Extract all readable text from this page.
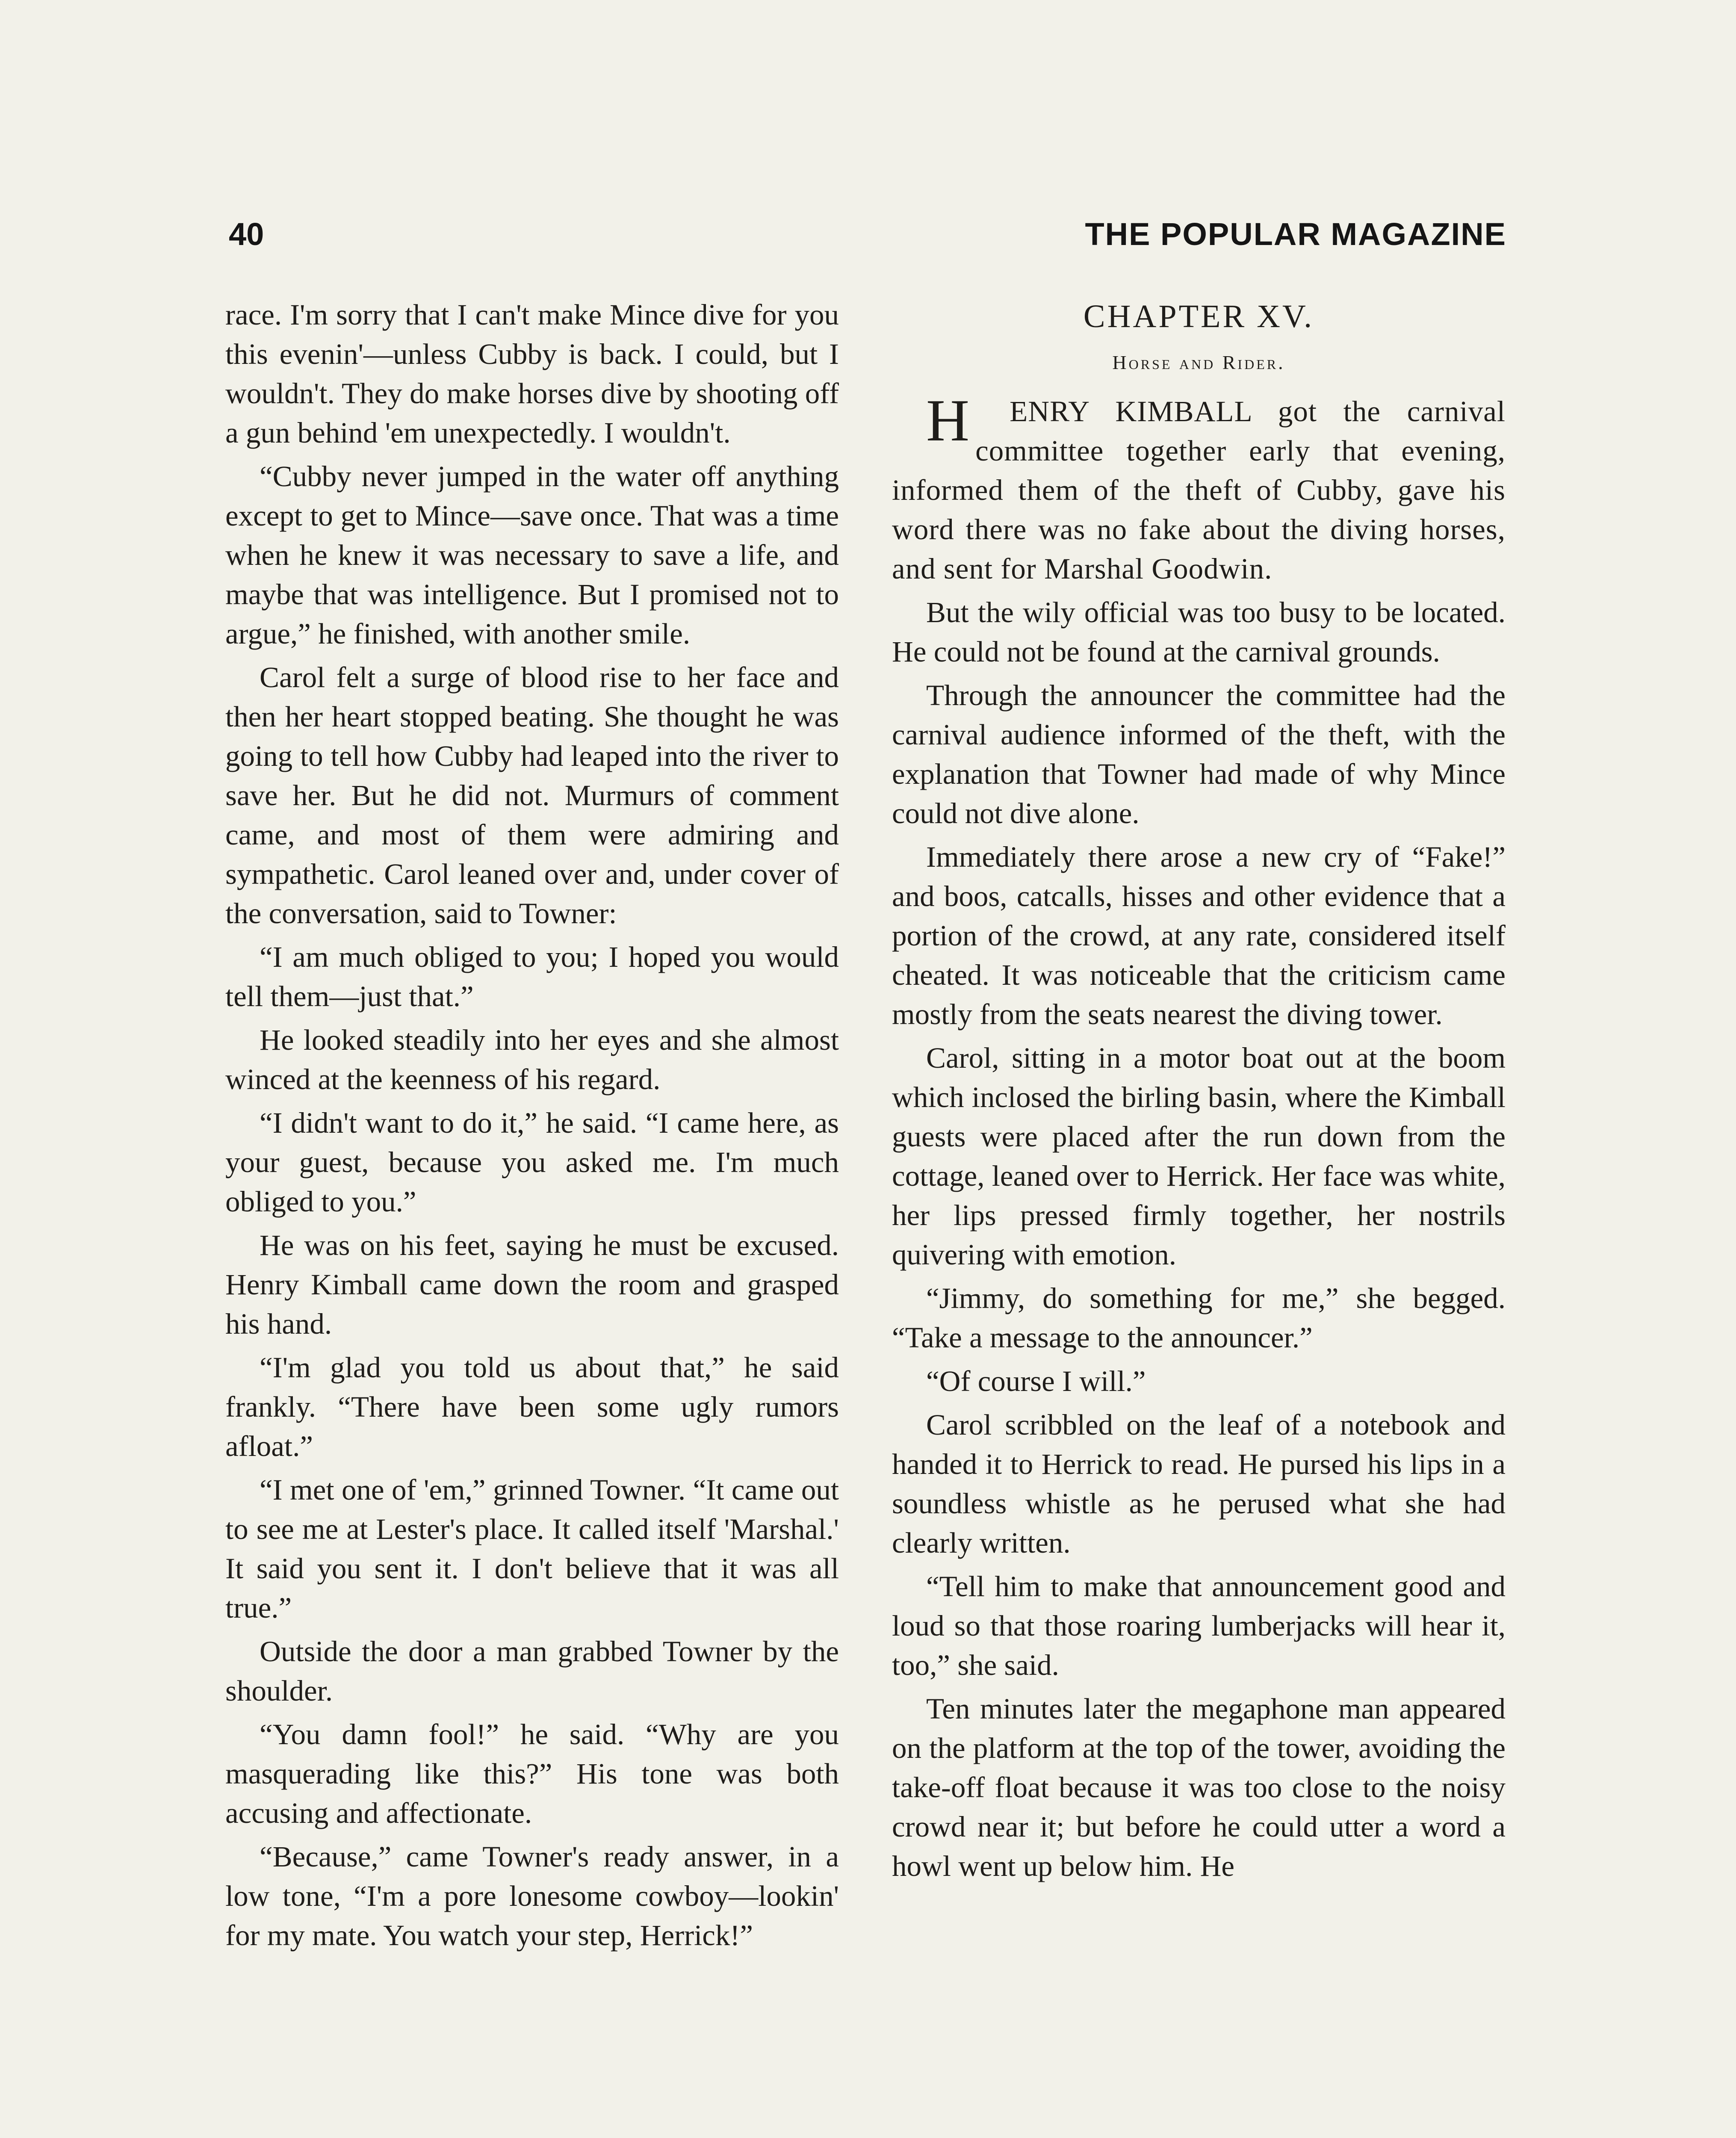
40	THE POPULAR MAGAZINE

race. I'm sorry that I can't make Mince dive for you this evenin'—unless Cubby is back. I could, but I wouldn't. They do make horses dive by shooting off a gun behind 'em unexpectedly. I wouldn't.

“Cubby never jumped in the water off anything except to get to Mince—save once. That was a time when he knew it was necessary to save a life, and maybe that was intelligence. But I promised not to argue,” he finished, with another smile.

Carol felt a surge of blood rise to her face and then her heart stopped beating. She thought he was going to tell how Cubby had leaped into the river to save her. But he did not. Murmurs of comment came, and most of them were admiring and sympathetic. Carol leaned over and, under cover of the conversation, said to Towner:

“I am much obliged to you; I hoped you would tell them—just that.”

He looked steadily into her eyes and she almost winced at the keenness of his regard.

“I didn't want to do it,” he said. “I came here, as your guest, because you asked me. I'm much obliged to you.”

He was on his feet, saying he must be excused. Henry Kimball came down the room and grasped his hand.

“I'm glad you told us about that,” he said frankly. “There have been some ugly rumors afloat.”

“I met one of 'em,” grinned Towner. “It came out to see me at Lester's place. It called itself 'Marshal.' It said you sent it. I don't believe that it was all true.”

Outside the door a man grabbed Towner by the shoulder.

“You damn fool!” he said. “Why are you masquerading like this?” His tone was both accusing and affectionate.

“Because,” came Towner's ready answer, in a low tone, “I'm a pore lonesome cowboy—lookin' for my mate. You watch your step, Herrick!”

CHAPTER XV.
Horse and Rider.

H ENRY KIMBALL got the carnival committee together early that evening, informed them of the theft of Cubby, gave his word there was no fake about the diving horses, and sent for Marshal Goodwin.

But the wily official was too busy to be located. He could not be found at the carnival grounds.

Through the announcer the committee had the carnival audience informed of the theft, with the explanation that Towner had made of why Mince could not dive alone.

Immediately there arose a new cry of “Fake!” and boos, catcalls, hisses and other evidence that a portion of the crowd, at any rate, considered itself cheated. It was noticeable that the criticism came mostly from the seats nearest the diving tower.

Carol, sitting in a motor boat out at the boom which inclosed the birling basin, where the Kimball guests were placed after the run down from the cottage, leaned over to Herrick. Her face was white, her lips pressed firmly together, her nostrils quivering with emotion.

“Jimmy, do something for me,” she begged. “Take a message to the announcer.”

“Of course I will.”

Carol scribbled on the leaf of a notebook and handed it to Herrick to read. He pursed his lips in a soundless whistle as he perused what she had clearly written.

“Tell him to make that announcement good and loud so that those roaring lumberjacks will hear it, too,” she said.

Ten minutes later the megaphone man appeared on the platform at the top of the tower, avoiding the take-off float because it was too close to the noisy crowd near it; but before he could utter a word a howl went up below him. He
